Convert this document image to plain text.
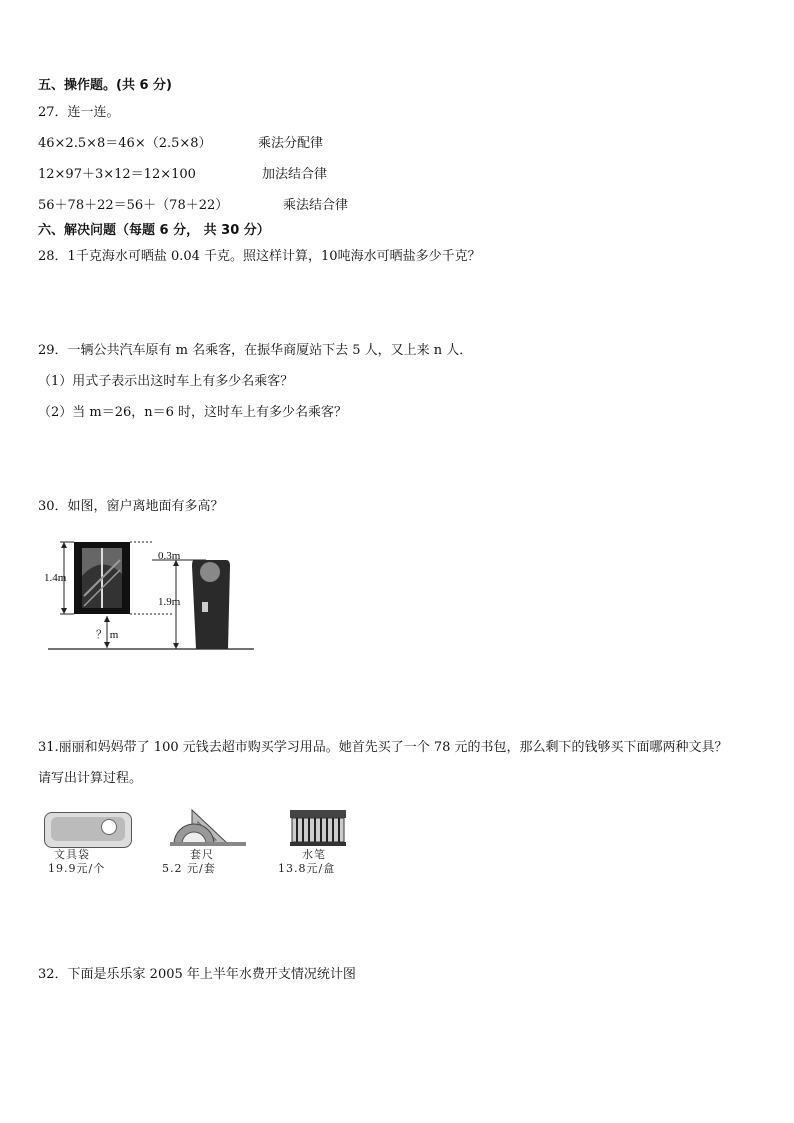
五、操作题。(共 6 分)
27．连一连。
46×2.5×8＝46×（2.5×8）	乘法分配律
12×97＋3×12＝12×100	加法结合律
56＋78＋22＝56＋（78＋22）	乘法结合律
六、解决问题（每题 6 分， 共 30 分）
28．1千克海水可晒盐 0.04 千克。照这样计算，10吨海水可晒盐多少千克？
29．一辆公共汽车原有 m 名乘客，在振华商厦站下去 5 人，又上来 n 人．
（1）用式子表示出这时车上有多少名乘客？
（2）当 m＝26，n＝6 时，这时车上有多少名乘客？
30．如图，窗户离地面有多高？
1.4m
0.3m
1.9m
？ m
31.丽丽和妈妈带了 100 元钱去超市购买学习用品。她首先买了一个 78 元的书包，那么剩下的钱够买下面哪两种文具？
请写出计算过程。
文具袋
19.9元/个
套尺
5.2 元/套
水笔
13.8元/盒
32．下面是乐乐家 2005 年上半年水费开支情况统计图
